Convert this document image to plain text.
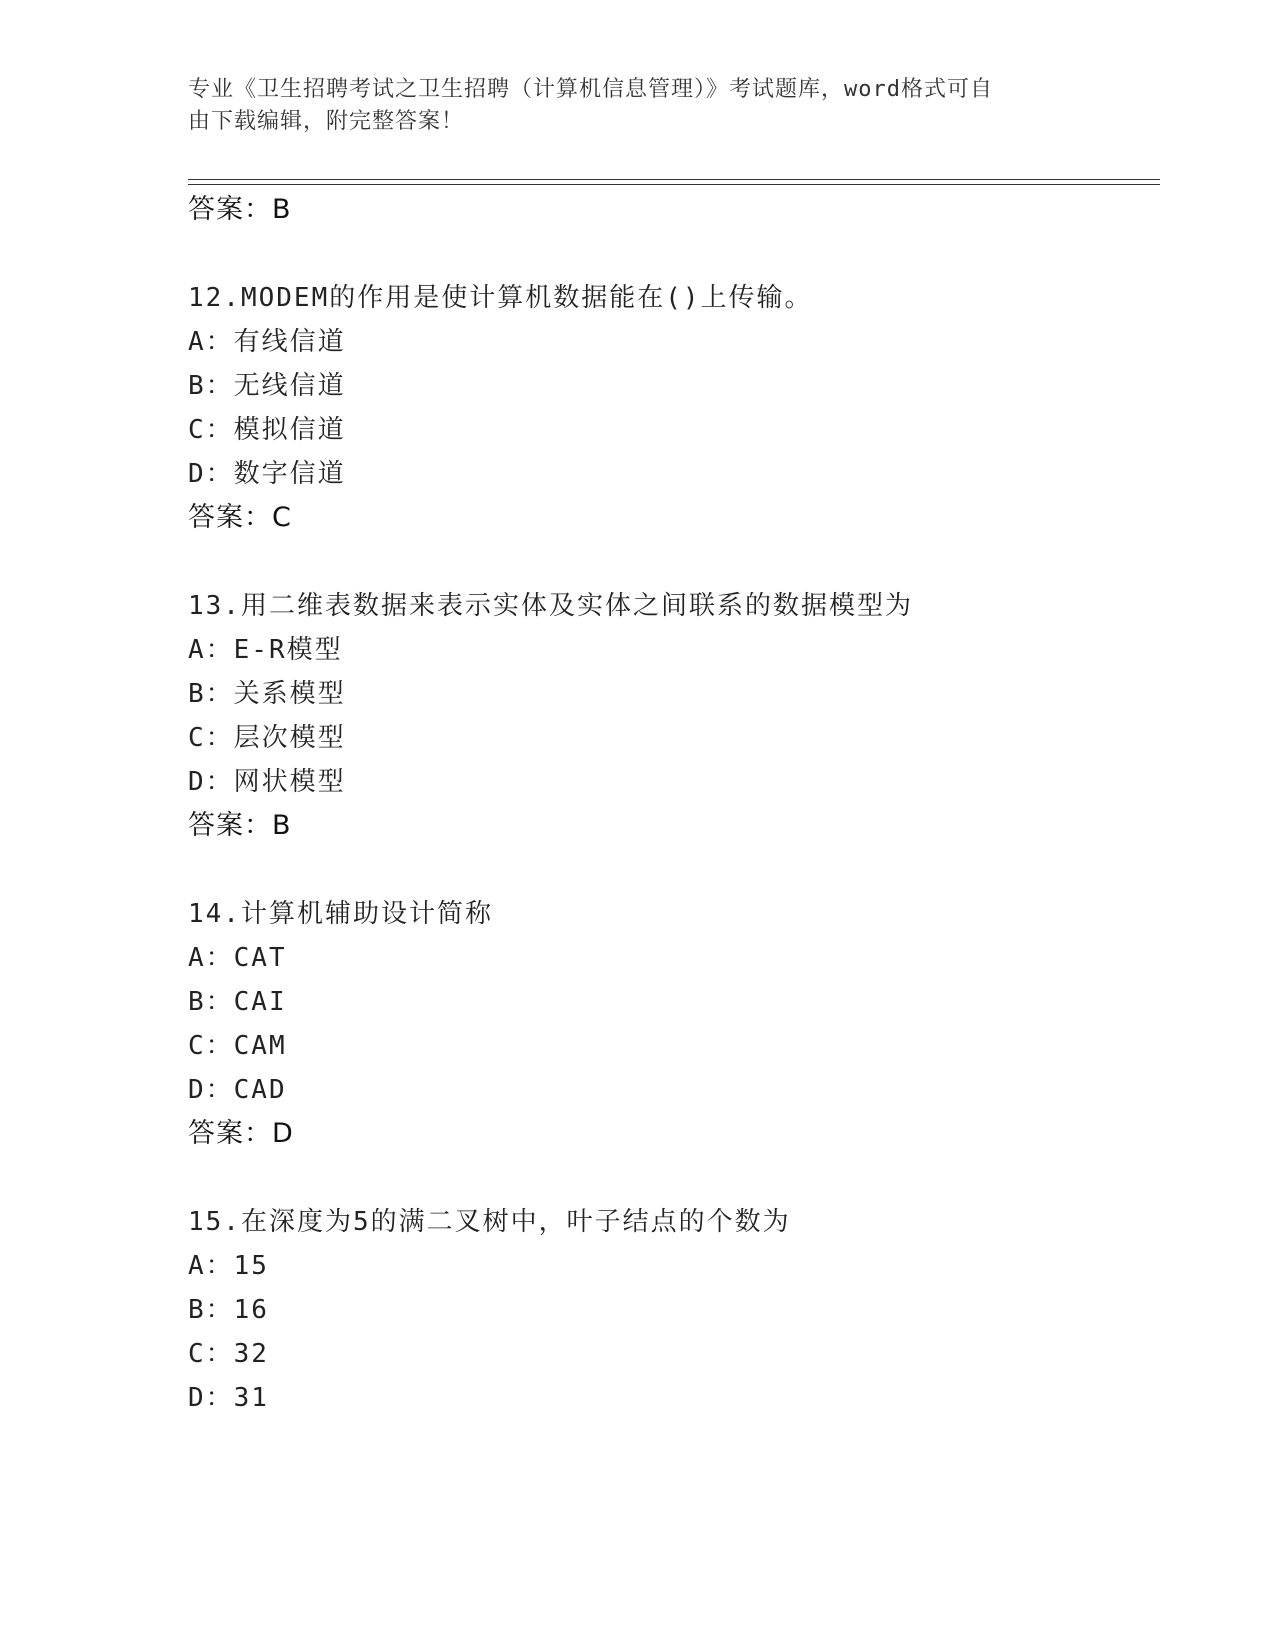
专业《卫生招聘考试之卫生招聘（计算机信息管理）》考试题库，word格式可自
由下载编辑，附完整答案！
答案：B
12.MODEM的作用是使计算机数据能在()上传输。
A：有线信道
B：无线信道
C：模拟信道
D：数字信道
答案：C
13.用二维表数据来表示实体及实体之间联系的数据模型为
A：E-R模型
B：关系模型
C：层次模型
D：网状模型
答案：B
14.计算机辅助设计简称
A：CAT
B：CAI
C：CAM
D：CAD
答案：D
15.在深度为5的满二叉树中，叶子结点的个数为
A：15
B：16
C：32
D：31
